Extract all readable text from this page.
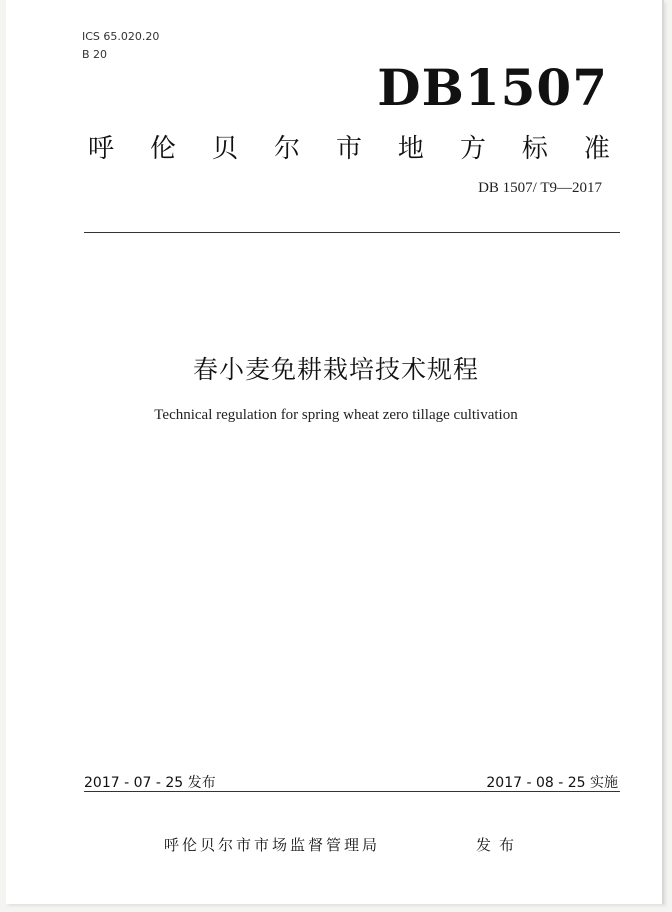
ICS 65.020.20
B 20
DB1507
呼 伦 贝 尔 市 地 方 标 准
DB 1507/ T9—2017
春小麦免耕栽培技术规程
Technical regulation for spring wheat zero tillage cultivation
2017 - 07 - 25 发布	2017 - 08 - 25 实施
呼伦贝尔市市场监督管理局	发布
